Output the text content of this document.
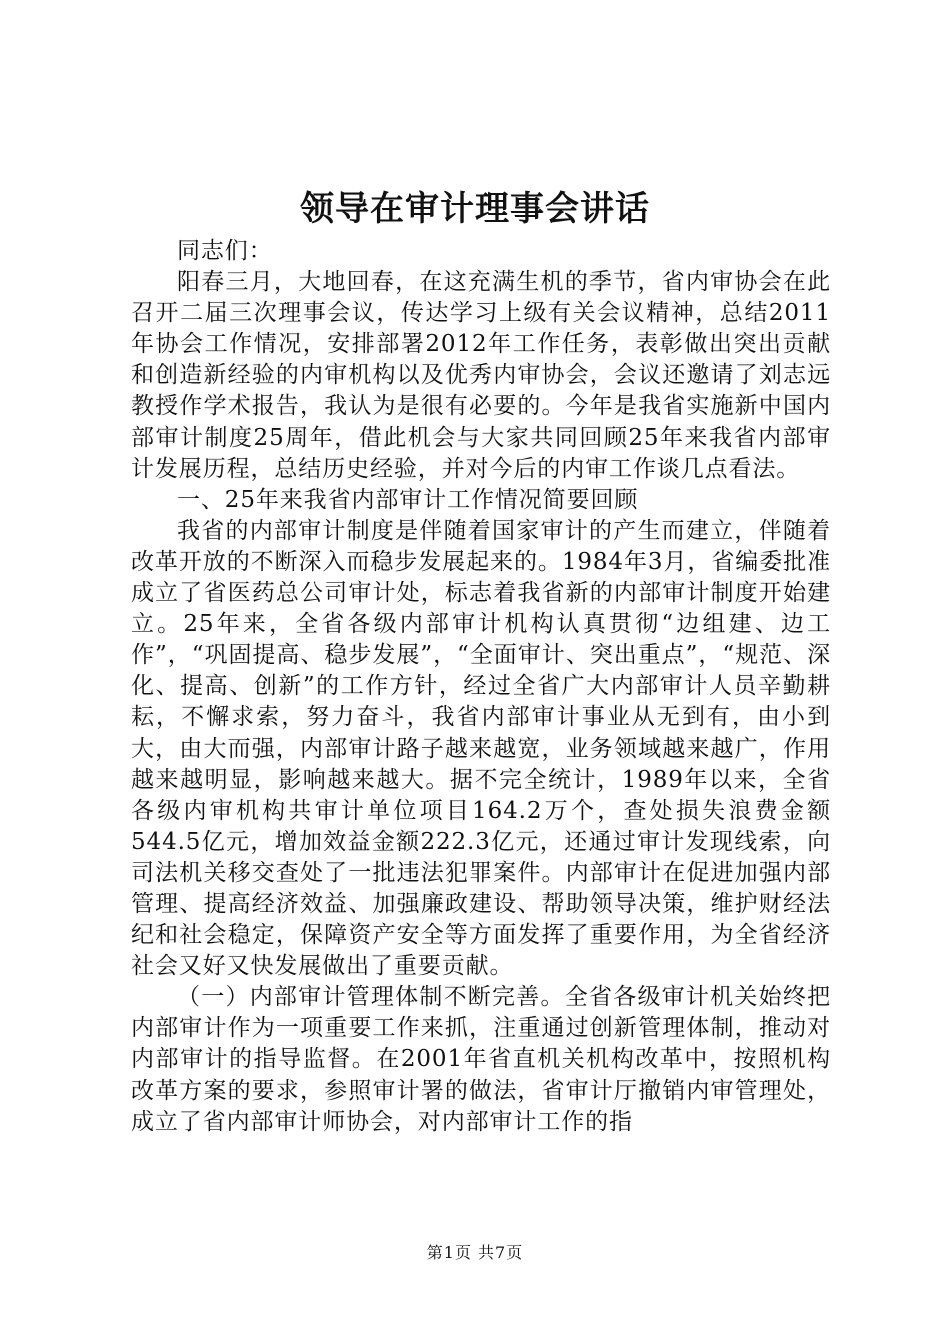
领导在审计理事会讲话

同志们：

阳春三月，大地回春，在这充满生机的季节，省内审协会在此召开二届三次理事会议，传达学习上级有关会议精神，总结2011年协会工作情况，安排部署2012年工作任务，表彰做出突出贡献和创造新经验的内审机构以及优秀内审协会，会议还邀请了刘志远教授作学术报告，我认为是很有必要的。今年是我省实施新中国内部审计制度25周年，借此机会与大家共同回顾25年来我省内部审计发展历程，总结历史经验，并对今后的内审工作谈几点看法。

一、25年来我省内部审计工作情况简要回顾

我省的内部审计制度是伴随着国家审计的产生而建立，伴随着改革开放的不断深入而稳步发展起来的。1984年3月，省编委批准成立了省医药总公司审计处，标志着我省新的内部审计制度开始建立。25年来，全省各级内部审计机构认真贯彻“边组建、边工作”，“巩固提高、稳步发展”，“全面审计、突出重点”，“规范、深化、提高、创新”的工作方针，经过全省广大内部审计人员辛勤耕耘，不懈求索，努力奋斗，我省内部审计事业从无到有，由小到大，由大而强，内部审计路子越来越宽，业务领域越来越广，作用越来越明显，影响越来越大。据不完全统计，1989年以来，全省各级内审机构共审计单位项目164.2万个，查处损失浪费金额544.5亿元，增加效益金额222.3亿元，还通过审计发现线索，向司法机关移交查处了一批违法犯罪案件。内部审计在促进加强内部管理、提高经济效益、加强廉政建设、帮助领导决策，维护财经法纪和社会稳定，保障资产安全等方面发挥了重要作用，为全省经济社会又好又快发展做出了重要贡献。

（一）内部审计管理体制不断完善。全省各级审计机关始终把内部审计作为一项重要工作来抓，注重通过创新管理体制，推动对内部审计的指导监督。在2001年省直机关机构改革中，按照机构改革方案的要求，参照审计署的做法，省审计厅撤销内审管理处，成立了省内部审计师协会，对内部审计工作的指

第1页 共7页
